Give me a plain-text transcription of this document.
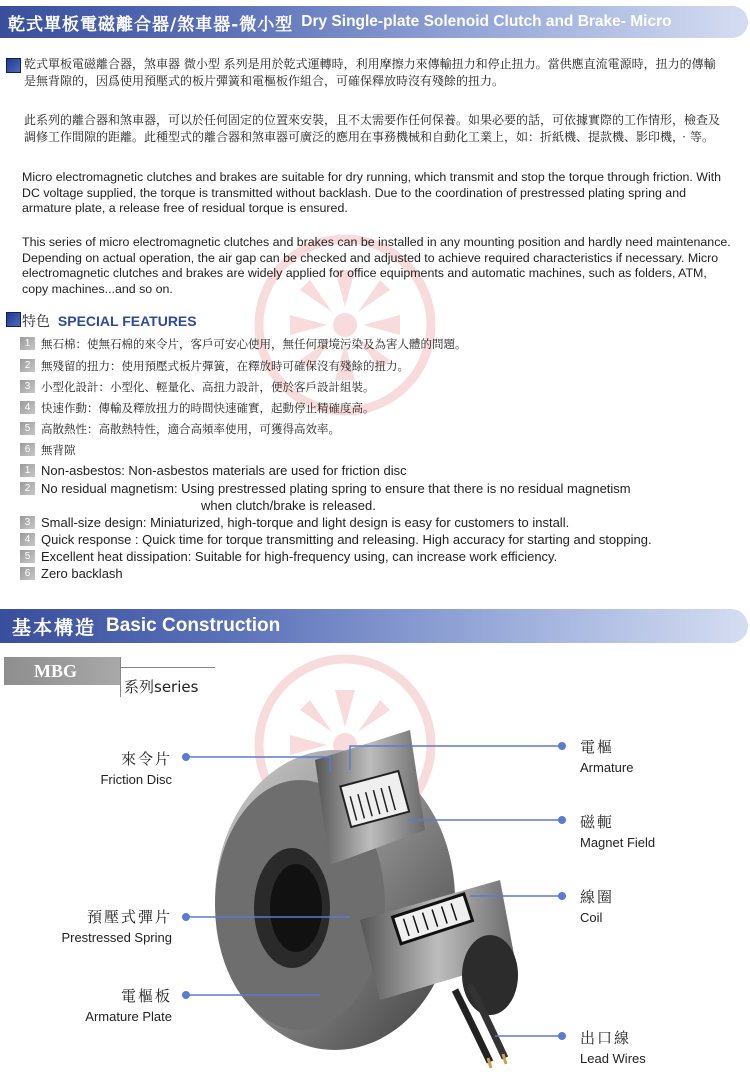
乾式單板電磁離合器/煞車器-微小型 Dry Single-plate Solenoid Clutch and Brake- Micro

乾式單板電磁離合器，煞車器 微小型 系列是用於乾式運轉時，利用摩擦力來傳輸扭力和停止扭力。當供應直流電源時，扭力的傳輸是無背隙的，因爲使用預壓式的板片彈簧和電樞板作組合，可確保釋放時沒有殘餘的扭力。

此系列的離合器和煞車器，可以於任何固定的位置來安裝，且不太需要作任何保養。如果必要的話，可依據實際的工作情形，檢查及調修工作間隙的距離。此種型式的離合器和煞車器可廣泛的應用在事務機械和自動化工業上，如：折紙機、提款機、影印機，‧等。

Micro electromagnetic clutches and brakes are suitable for dry running, which transmit and stop the torque through friction. With DC voltage supplied, the torque is transmitted without backlash. Due to the coordination of prestressed plating spring and armature plate, a release free of residual torque is ensured.

This series of micro electromagnetic clutches and brakes can be installed in any mounting position and hardly need maintenance. Depending on actual operation, the air gap can be checked and adjusted to achieve required characteristics if necessary. Micro electromagnetic clutches and brakes are widely applied for office equipments and automatic machines, such as folders, ATM, copy machines...and so on.

特色 SPECIAL FEATURES
1 無石棉：使無石棉的來令片，客戶可安心使用，無任何環境污染及為害人體的問題。
2 無殘留的扭力：使用預壓式板片彈簧，在釋放時可確保沒有殘餘的扭力。
3 小型化設計：小型化、輕量化、高扭力設計，便於客戶設計組裝。
4 快速作動：傳輸及釋放扭力的時間快速確實，起動停止精確度高。
5 高散熱性：高散熱特性，適合高頻率使用，可獲得高效率。
6 無背隙
1 Non-asbestos: Non-asbestos materials are used for friction disc
2 No residual magnetism: Using prestressed plating spring to ensure that there is no residual magnetism
when clutch/brake is released.
3 Small-size design: Miniaturized, high-torque and light design is easy for customers to install.
4 Quick response : Quick time for torque transmitting and releasing. High accuracy for starting and stopping.
5 Excellent heat dissipation: Suitable for high-frequency using, can increase work efficiency.
6 Zero backlash
基本構造 Basic Construction
MBG
系列series
來令片
Friction Disc
預壓式彈片
Prestressed Spring
電樞板
Armature Plate
電樞
Armature
磁軛
Magnet Field
線圈
Coil
出口線
Lead Wires
